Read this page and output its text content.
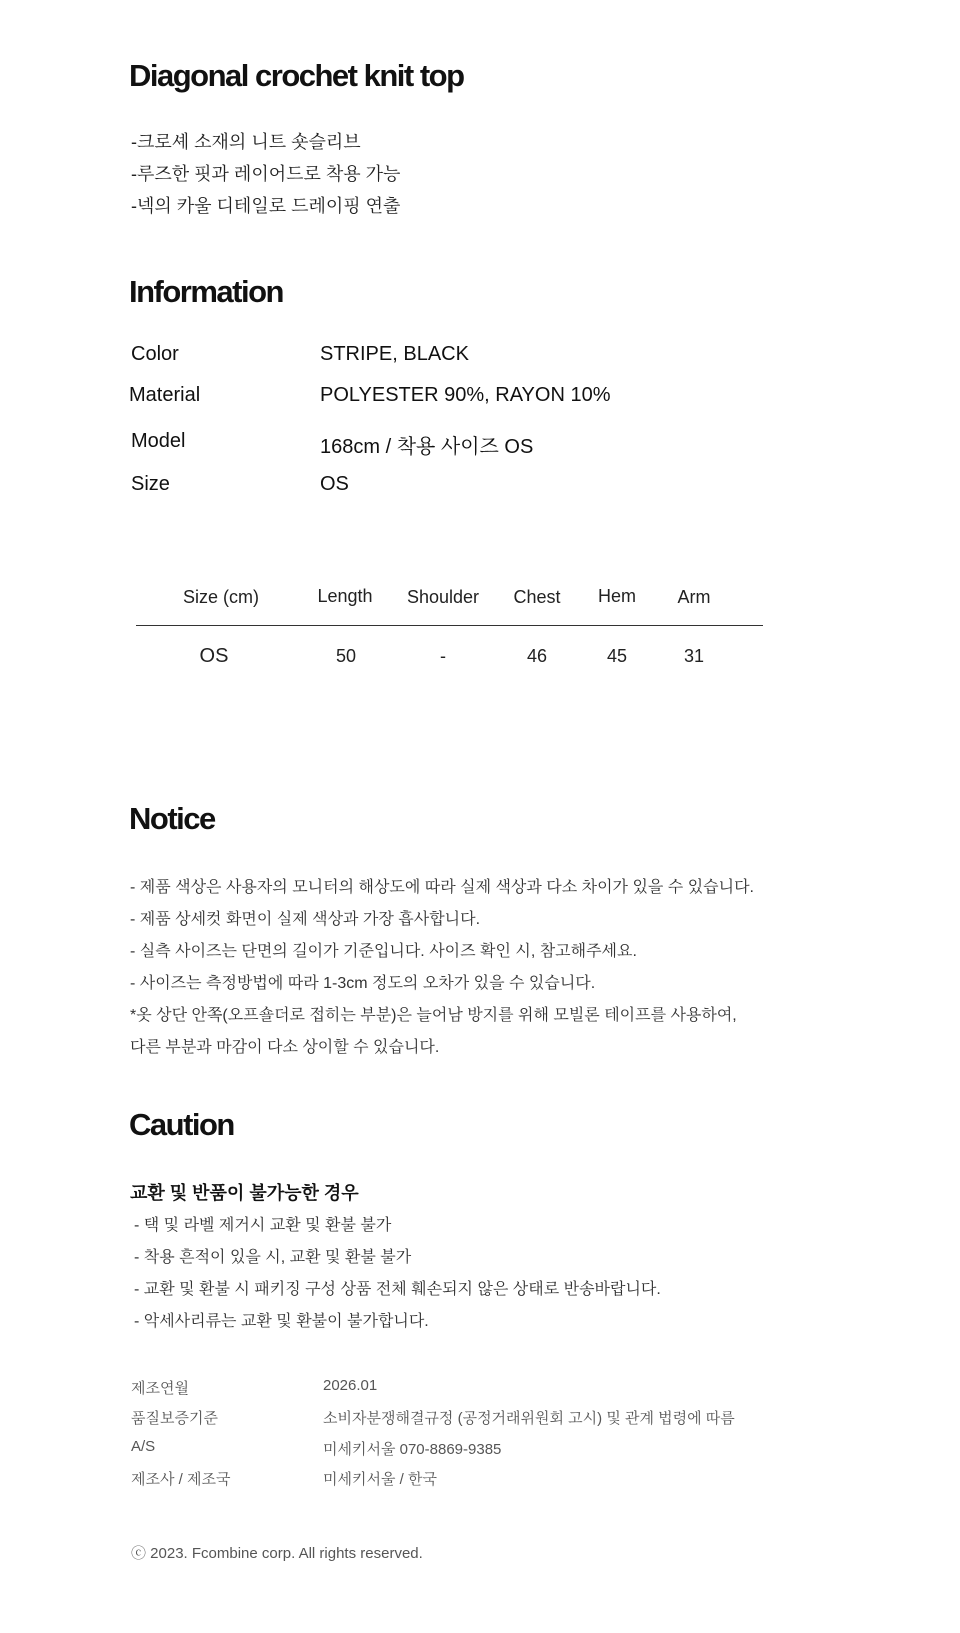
Diagonal crochet knit top
-크로셰 소재의 니트 숏슬리브
-루즈한 핏과 레이어드로 착용 가능
-넥의 카울 디테일로 드레이핑 연출
Information
Color	STRIPE, BLACK
Material	POLYESTER 90%, RAYON 10%
Model	168cm / 착용 사이즈 OS
Size	OS
Size (cm)	Length Shoulder Chest Hem Arm
OS	50	-	46	45	31
Notice
- 제품 색상은 사용자의 모니터의 해상도에 따라 실제 색상과 다소 차이가 있을 수 있습니다.
- 제품 상세컷 화면이 실제 색상과 가장 흡사합니다.
- 실측 사이즈는 단면의 길이가 기준입니다. 사이즈 확인 시, 참고해주세요.
- 사이즈는 측정방법에 따라 1-3cm 정도의 오차가 있을 수 있습니다.
*옷 상단 안쪽(오프숄더로 접히는 부분)은 늘어남 방지를 위해 모빌론 테이프를 사용하여,
다른 부분과 마감이 다소 상이할 수 있습니다.
Caution
교환 및 반품이 불가능한 경우
- 택 및 라벨 제거시 교환 및 환불 불가
- 착용 흔적이 있을 시, 교환 및 환불 불가
- 교환 및 환불 시 패키징 구성 상품 전체 훼손되지 않은 상태로 반송바랍니다.
- 악세사리류는 교환 및 환불이 불가합니다.
제조연월	2026.01
품질보증기준	소비자분쟁해결규정 (공정거래위원회 고시) 및 관계 법령에 따름
A/S	미세키서울 070-8869-9385
제조사 / 제조국	미세키서울 / 한국
ⓒ 2023. Fcombine corp. All rights reserved.
